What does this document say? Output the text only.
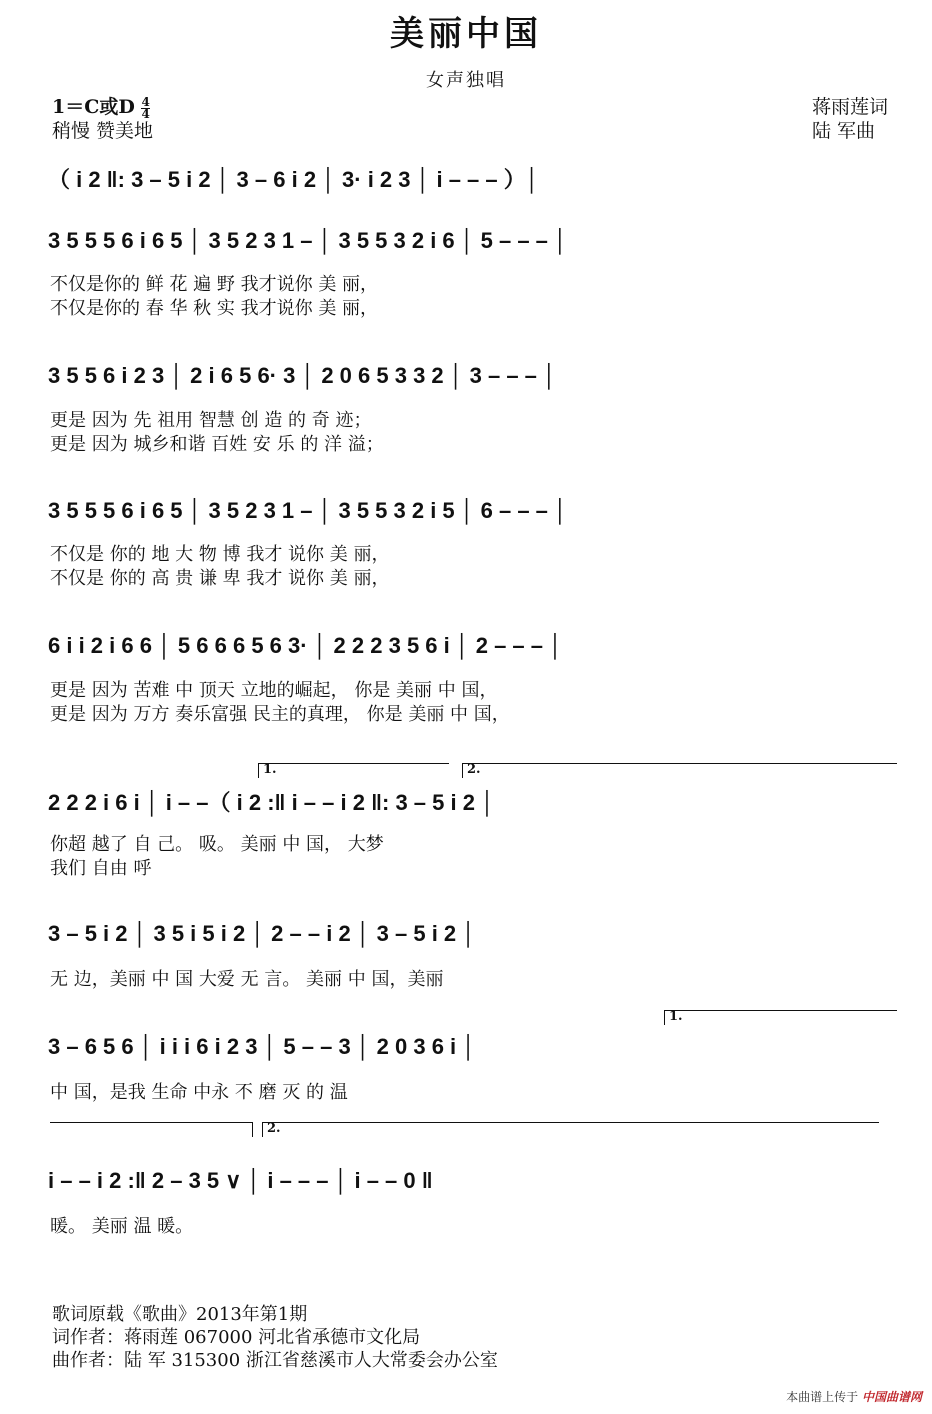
美丽中国
女声独唱
1＝C或D $\frac{4}{4}$
稍慢 赞美地
蒋雨莲词
陆 军曲
（ i 2 ‖: 3 – 5 i 2 │ 3 – 6 i 2 │ 3· i 2 3 │ i – – – ）│
3 5 5 5 6 i 6 5 │ 3 5 2 3 1 – │ 3 5 5 3 2 i 6 │ 5 – – – │
不仅是你的 鲜 花 遍 野 我才说你 美 丽，
不仅是你的 春 华 秋 实 我才说你 美 丽，
3 5 5 6 i 2 3 │ 2 i 6 5 6· 3 │ 2 0 6 5 3 3 2 │ 3 – – – │
更是 因为 先 祖用 智慧 创 造 的 奇 迹；
更是 因为 城乡和谐 百姓 安 乐 的 洋 溢；
3 5 5 5 6 i 6 5 │ 3 5 2 3 1 – │ 3 5 5 3 2 i 5 │ 6 – – – │
不仅是 你的 地 大 物 博 我才 说你 美 丽，
不仅是 你的 高 贵 谦 卑 我才 说你 美 丽，
6 i i 2 i 6 6 │ 5 6 6 6 5 6 3· │ 2 2 2 3 5 6 i │ 2 – – – │
更是 因为 苦难 中 顶天 立地的崛起， 你是 美丽 中 国，
更是 因为 万方 奏乐富强 民主的真理， 你是 美丽 中 国，
1.	2.
2 2 2 i 6 i │ i – –（ i 2 :‖ i – – i 2 ‖: 3 – 5 i 2 │
你超 越了 自 己。 吸。 美丽 中 国， 大梦
我们 自由 呼
3 – 5 i 2 │ 3 5 i 5 i 2 │ 2 – – i 2 │ 3 – 5 i 2 │
无 边，美丽 中 国 大爱 无 言。 美丽 中 国，美丽
1.
3 – 6 5 6 │ i i i 6 i 2 3 │ 5 – – 3 │ 2 0 3 6 i │
中 国，是我 生命 中永 不 磨 灭 的 温
2.
i – – i 2 :‖ 2 – 3 5 ∨ │ i – – – │ i – – 0 ‖
暖。 美丽 温 暖。
歌词原载《歌曲》2013年第1期
词作者：蒋雨莲 067000 河北省承德市文化局
曲作者：陆 军 315300 浙江省慈溪市人大常委会办公室
本曲谱上传于 中国曲谱网
